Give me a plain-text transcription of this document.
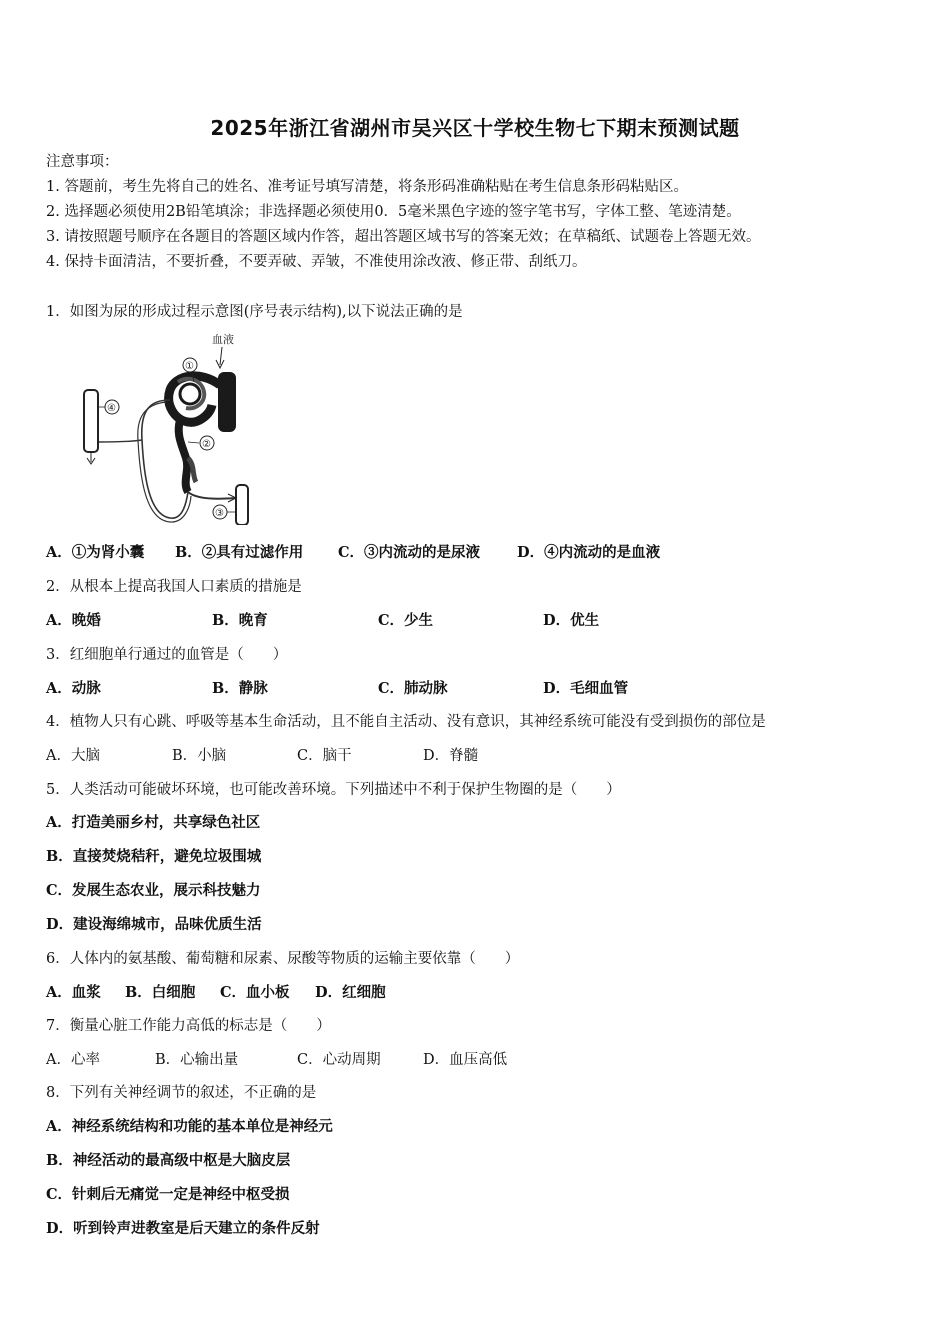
2025年浙江省湖州市吴兴区十学校生物七下期末预测试题
注意事项：
1. 答题前，考生先将自己的姓名、准考证号填写清楚，将条形码准确粘贴在考生信息条形码粘贴区。
2. 选择题必须使用2B铅笔填涂；非选择题必须使用0．5毫米黑色字迹的签字笔书写，字体工整、笔迹清楚。
3. 请按照题号顺序在各题目的答题区域内作答，超出答题区域书写的答案无效；在草稿纸、试题卷上答题无效。
4. 保持卡面清洁，不要折叠，不要弄破、弄皱，不准使用涂改液、修正带、刮纸刀。
1．如图为尿的形成过程示意图(序号表示结构),以下说法正确的是
血液
①
②
③
④
A．①为肾小囊 B．②具有过滤作用 C．③内流动的是尿液	D．④内流动的是血液
2．从根本上提高我国人口素质的措施是
A．晚婚	B．晚育	C．少生	D．优生
3．红细胞单行通过的血管是（　　）
A．动脉	B．静脉	C．肺动脉	D．毛细血管
4．植物人只有心跳、呼吸等基本生命活动，且不能自主活动、没有意识，其神经系统可能没有受到损伤的部位是
A．大脑	B．小脑	C．脑干	D．脊髓
5．人类活动可能破坏环境，也可能改善环境。下列描述中不利于保护生物圈的是（　　）
A．打造美丽乡村，共享绿色社区
B．直接焚烧秸秆，避免垃圾围城
C．发展生态农业，展示科技魅力
D．建设海绵城市，品味优质生活
6．人体内的氨基酸、葡萄糖和尿素、尿酸等物质的运输主要依靠（　　）
A．血浆 B．白细胞 C．血小板 D．红细胞
7．衡量心脏工作能力高低的标志是（　　）
A．心率	B．心输出量	C．心动周期	D．血压高低
8．下列有关神经调节的叙述，不正确的是
A．神经系统结构和功能的基本单位是神经元
B．神经活动的最高级中枢是大脑皮层
C．针刺后无痛觉一定是神经中枢受损
D．听到铃声进教室是后天建立的条件反射
